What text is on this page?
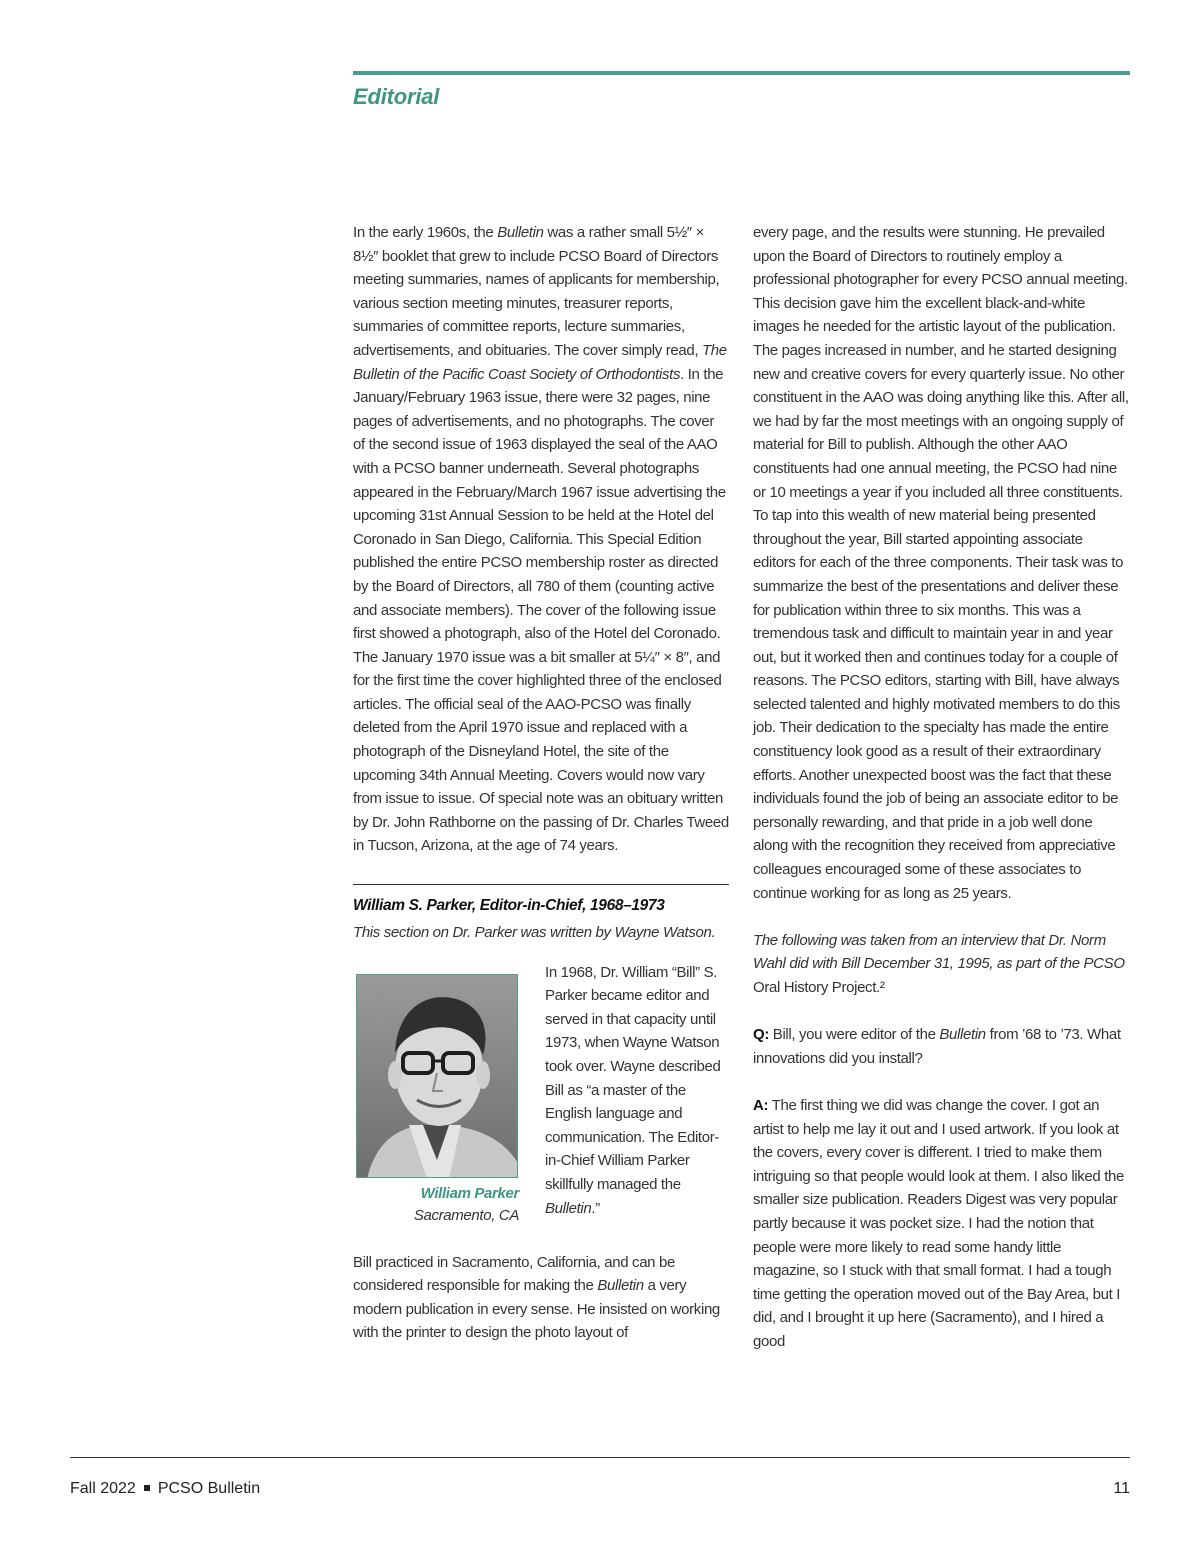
Editorial

In the early 1960s, the Bulletin was a rather small 5½″ × 8½″ booklet that grew to include PCSO Board of Directors meeting summaries, names of applicants for membership, various section meeting minutes, treasurer reports, summaries of committee reports, lecture summaries, advertisements, and obituaries. The cover simply read, The Bulletin of the Pacific Coast Society of Orthodontists. In the January/February 1963 issue, there were 32 pages, nine pages of advertisements, and no photographs. The cover of the second issue of 1963 displayed the seal of the AAO with a PCSO banner underneath. Several photographs appeared in the February/March 1967 issue advertising the upcoming 31st Annual Session to be held at the Hotel del Coronado in San Diego, California. This Special Edition published the entire PCSO membership roster as directed by the Board of Directors, all 780 of them (counting active and associate members). The cover of the following issue first showed a photograph, also of the Hotel del Coronado. The January 1970 issue was a bit smaller at 5¼″ × 8″, and for the first time the cover highlighted three of the enclosed articles. The official seal of the AAO-PCSO was finally deleted from the April 1970 issue and replaced with a photograph of the Disneyland Hotel, the site of the upcoming 34th Annual Meeting. Covers would now vary from issue to issue. Of special note was an obituary written by Dr. John Rathborne on the passing of Dr. Charles Tweed in Tucson, Arizona, at the age of 74 years.

William S. Parker, Editor-in-Chief, 1968–1973

This section on Dr. Parker was written by Wayne Watson.

William Parker
Sacramento, CA

In 1968, Dr. William “Bill” S. Parker became editor and served in that capacity until 1973, when Wayne Watson took over. Wayne described Bill as “a master of the English language and communication. The Editor-in-Chief William Parker skillfully managed the Bulletin.”

Bill practiced in Sacramento, California, and can be considered responsible for making the Bulletin a very modern publication in every sense. He insisted on working with the printer to design the photo layout of

every page, and the results were stunning. He prevailed upon the Board of Directors to routinely employ a professional photographer for every PCSO annual meeting. This decision gave him the excellent black-and-white images he needed for the artistic layout of the publication. The pages increased in number, and he started designing new and creative covers for every quarterly issue. No other constituent in the AAO was doing anything like this. After all, we had by far the most meetings with an ongoing supply of material for Bill to publish. Although the other AAO constituents had one annual meeting, the PCSO had nine or 10 meetings a year if you included all three constituents. To tap into this wealth of new material being presented throughout the year, Bill started appointing associate editors for each of the three components. Their task was to summarize the best of the presentations and deliver these for publication within three to six months. This was a tremendous task and difficult to maintain year in and year out, but it worked then and continues today for a couple of reasons. The PCSO editors, starting with Bill, have always selected talented and highly motivated members to do this job. Their dedication to the specialty has made the entire constituency look good as a result of their extraordinary efforts. Another unexpected boost was the fact that these individuals found the job of being an associate editor to be personally rewarding, and that pride in a job well done along with the recognition they received from appreciative colleagues encouraged some of these associates to continue working for as long as 25 years.

The following was taken from an interview that Dr. Norm Wahl did with Bill December 31, 1995, as part of the PCSO Oral History Project.²

Q: Bill, you were editor of the Bulletin from ’68 to ’73. What innovations did you install?

A: The first thing we did was change the cover. I got an artist to help me lay it out and I used artwork. If you look at the covers, every cover is different. I tried to make them intriguing so that people would look at them. I also liked the smaller size publication. Readers Digest was very popular partly because it was pocket size. I had the notion that people were more likely to read some handy little magazine, so I stuck with that small format. I had a tough time getting the operation moved out of the Bay Area, but I did, and I brought it up here (Sacramento), and I hired a good

Fall 2022 PCSO Bulletin	11
